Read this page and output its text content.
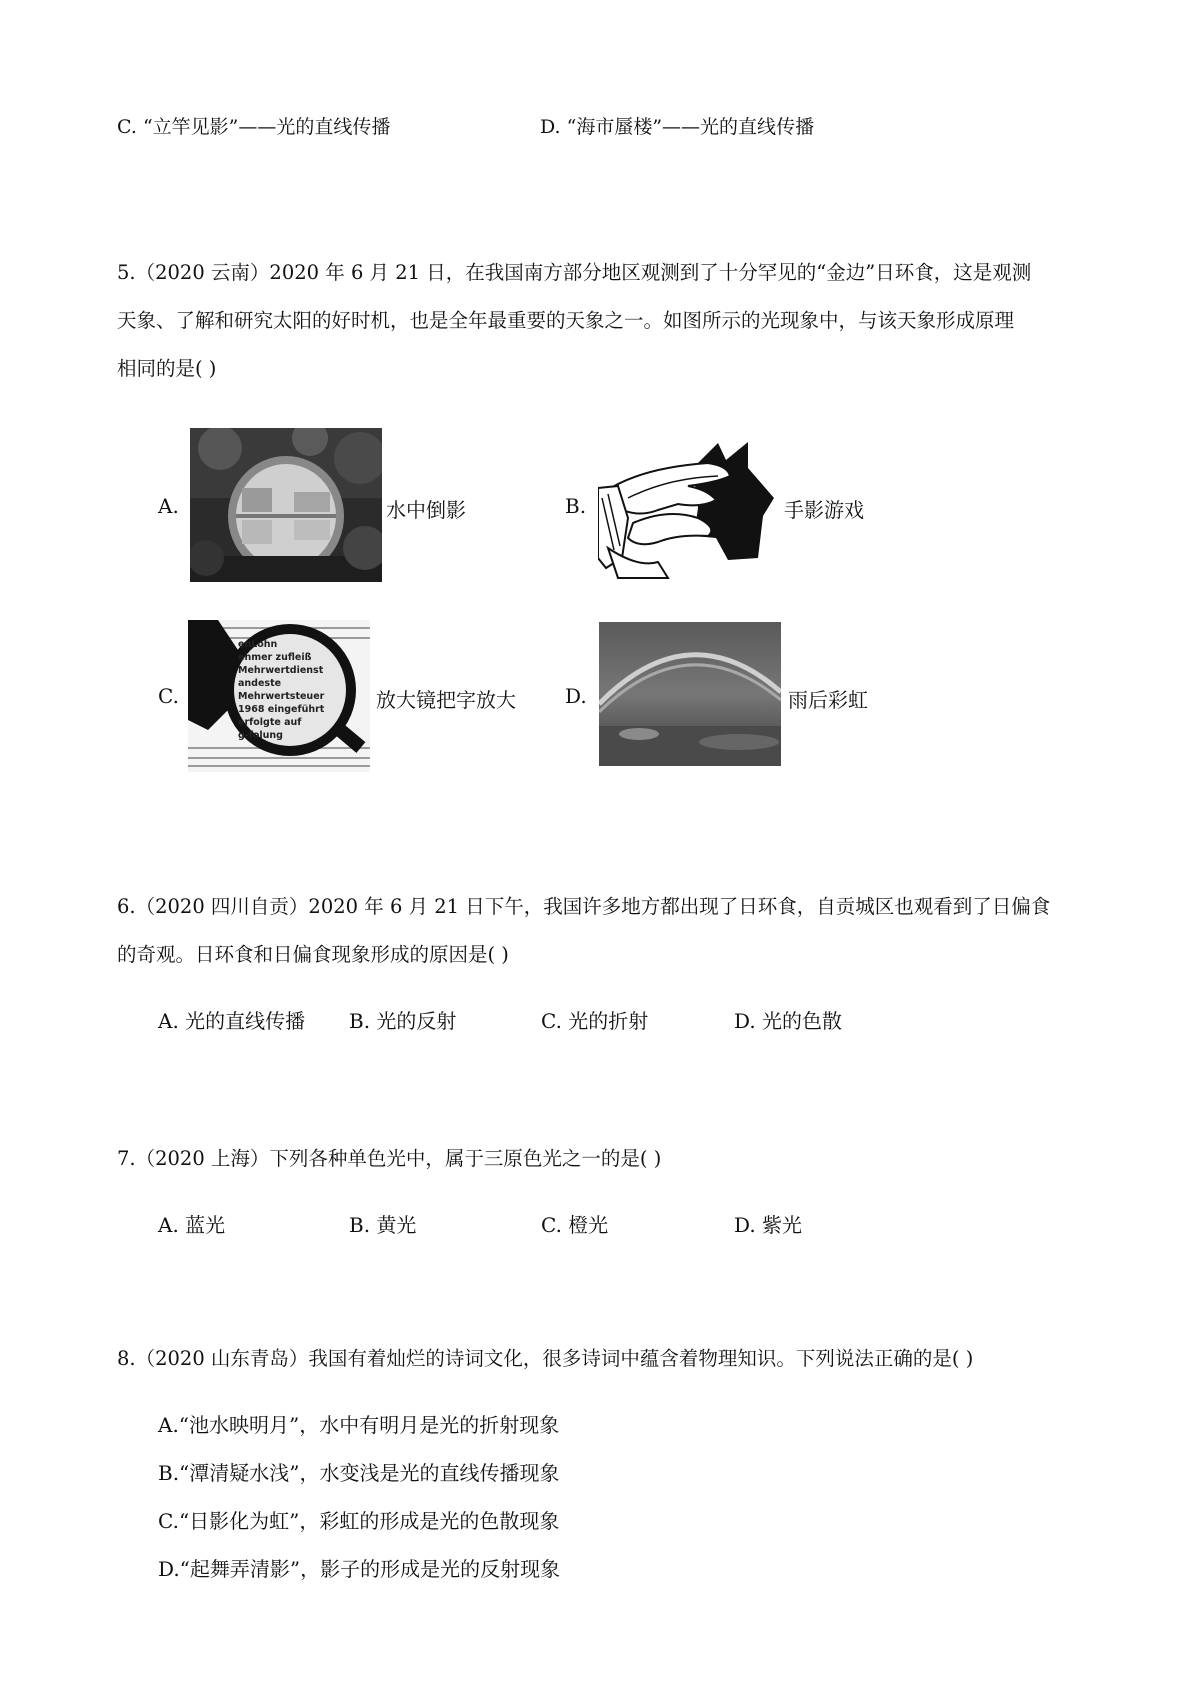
C. “立竿见影”——光的直线传播	D. “海市蜃楼”——光的直线传播
5.（2020 云南）2020 年 6 月 21 日，在我国南方部分地区观测到了十分罕见的“金边”日环食，这是观测
天象、了解和研究太阳的好时机，也是全年最重要的天象之一。如图所示的光现象中，与该天象形成原理
相同的是( )
A.	水中倒影	B.	手影游戏
C.
enLohn
ehmer zufleiß
Mehrwertdienst
andeste
Mehrwertsteuer
1968 eingeführt
erfolgte auf
g-folung
放大镜把字放大 D.	雨后彩虹
6.（2020 四川自贡）2020 年 6 月 21 日下午，我国许多地方都出现了日环食，自贡城区也观看到了日偏食
的奇观。日环食和日偏食现象形成的原因是( )
A. 光的直线传播 B. 光的反射	C. 光的折射	D. 光的色散
7.（2020 上海）下列各种单色光中，属于三原色光之一的是( )
A. 蓝光	B. 黄光	C. 橙光	D. 紫光
8.（2020 山东青岛）我国有着灿烂的诗词文化，很多诗词中蕴含着物理知识。下列说法正确的是( )
A.“池水映明月”，水中有明月是光的折射现象
B.“潭清疑水浅”，水变浅是光的直线传播现象
C.“日影化为虹”，彩虹的形成是光的色散现象
D.“起舞弄清影”，影子的形成是光的反射现象
